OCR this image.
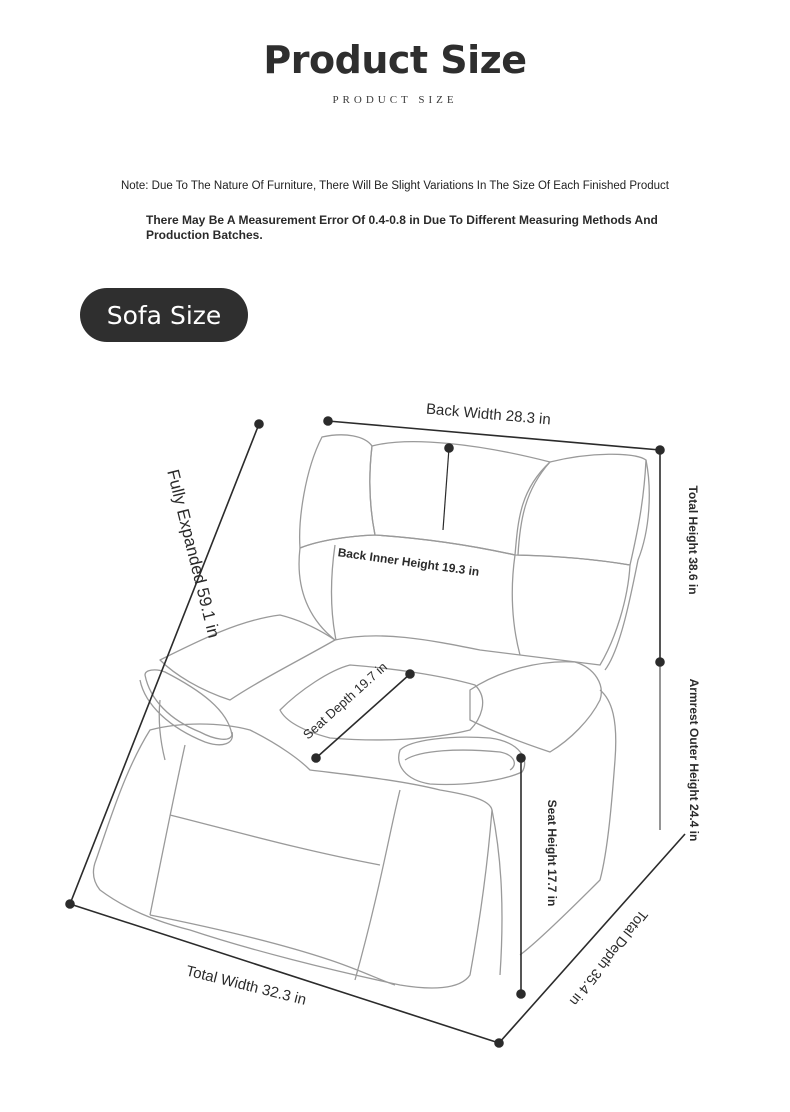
Product Size
PRODUCT SIZE
Note: Due To The Nature Of Furniture, There Will Be Slight Variations In The Size Of Each Finished Product
There May Be A Measurement Error Of 0.4-0.8 in Due To Different Measuring Methods And Production Batches.
Sofa Size
Back Width 28.3 in
Fully Expanded 59.1 in	Total Height 38.6 in
Back Inner Height 19.3 in
Seat Depth 19.7 in	Armrest Outer Height 24.4 in
Seat Height 17.7 in
Total Width 32.3 in	Total Depth 35.4 in
